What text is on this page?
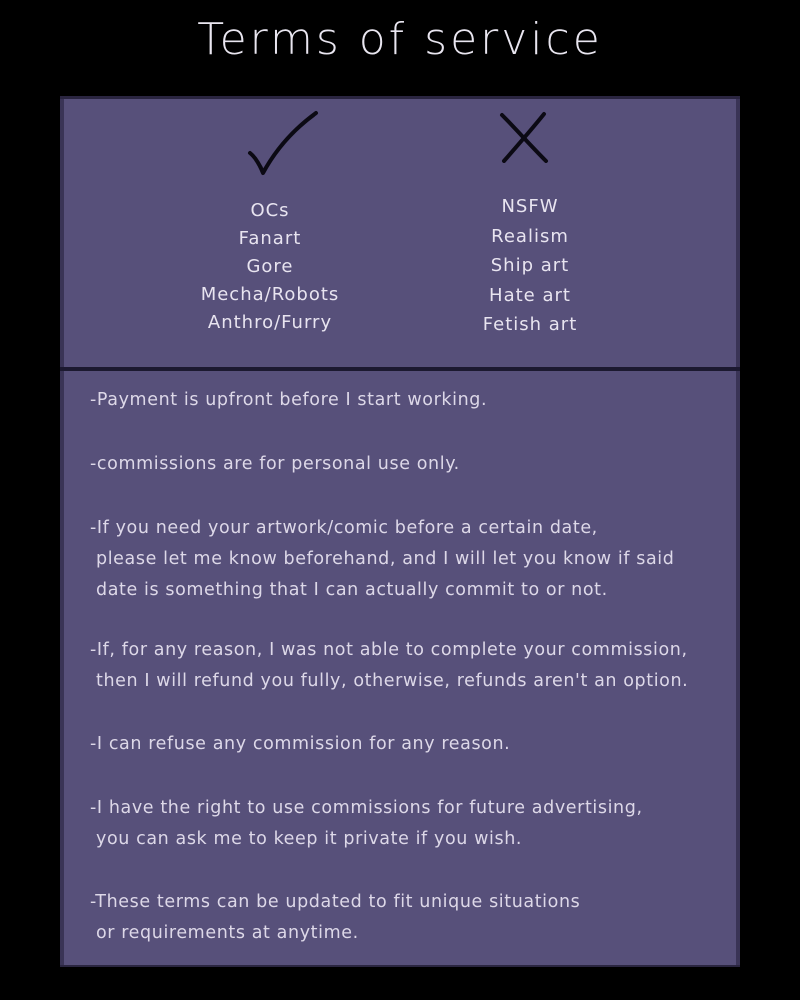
Terms of service
OCs
Fanart
Gore
Mecha/Robots
Anthro/Furry
NSFW
Realism
Ship art
Hate art
Fetish art
-Payment is upfront before I start working.
-commissions are for personal use only.
-If you need your artwork/comic before a certain date,
please let me know beforehand, and I will let you know if said
date is something that I can actually commit to or not.
-If, for any reason, I was not able to complete your commission,
then I will refund you fully, otherwise, refunds aren't an option.
-I can refuse any commission for any reason.
-I have the right to use commissions for future advertising,
you can ask me to keep it private if you wish.
-These terms can be updated to fit unique situations
or requirements at anytime.
